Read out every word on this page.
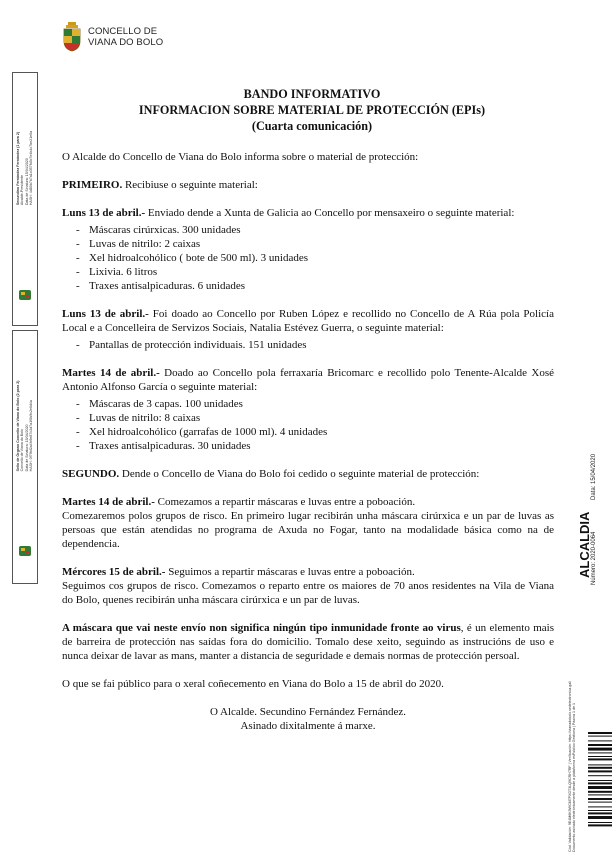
CONCELLO DE
VIANA DO BOLO
Secundino Fernández Fernández (1 para 2)
Alcalde-Presidente
Data de Sinatura: 15/04/2020
HASH: 4d80b7b7a1c057fb5c7e4b4c7be21e0a
Sello de Órgano Concello de Viana do Bolo (2 para 2)
Concello de Viana do Bolo
Data de Sinatura: 15/04/2020
HASH: 0f79bf2a4fc9e87c3d7a1f0b9c2e6d4a
BANDO INFORMATIVO
INFORMACION SOBRE MATERIAL DE PROTECCIÓN (EPIs)
(Cuarta comunicación)

O Alcalde do Concello de Viana do Bolo informa sobre o material de protección:

PRIMEIRO. Recibiuse o seguinte material:

Luns 13 de abril.- Enviado dende a Xunta de Galicia ao Concello por mensaxeiro o seguinte material:

- Máscaras cirúrxicas. 300 unidades
- Luvas de nitrilo: 2 caixas
- Xel hidroalcohólico ( bote de 500 ml). 3 unidades
- Lixivia. 6 litros
- Traxes antisalpicaduras. 6 unidades

Luns 13 de abril.- Foi doado ao Concello por Ruben López e recollido no Concello de A Rúa pola Policía Local e a Concelleira de Servizos Sociais, Natalia Estévez Guerra, o seguinte material:

- Pantallas de protección individuais. 151 unidades

Martes 14 de abril.- Doado ao Concello pola ferraxaría Bricomarc e recollido polo Tenente-Alcalde Xosé Antonio Alfonso García o seguinte material:

- Máscaras de 3 capas. 100 unidades
- Luvas de nitrilo: 8 caixas
- Xel hidroalcohólico (garrafas de 1000 ml). 4 unidades
- Traxes antisalpicaduras. 30 unidades

SEGUNDO. Dende o Concello de Viana do Bolo foi cedido o seguinte material de protección:

Martes 14 de abril.- Comezamos a repartir máscaras e luvas entre a poboación.
Comezaremos polos grupos de risco. En primeiro lugar recibirán unha máscara cirúrxica e un par de luvas as persoas que están atendidas no programa de Axuda no Fogar, tanto na modalidade básica como na de dependencia.

Mércores 15 de abril.- Seguimos a repartir máscaras e luvas entre a poboación.
Seguimos cos grupos de risco. Comezamos o reparto entre os maiores de 70 anos residentes na Vila de Viana do Bolo, quenes recibirán unha máscara cirúrxica e un par de luvas.

A máscara que vai neste envío non significa ningún tipo inmunidade fronte ao virus, é un elemento mais de barreira de protección nas saídas fora do domicilio. Tomalo dese xeito, seguindo as instrucións de uso e nunca deixar de lavar as mans, manter a distancia de seguridade e demais normas de protección persoal.

O que se fai público para o xeral coñecemento en Viana do Bolo a 15 de abril do 2020.

O Alcalde. Secundino Fernández Fernández.
Asinado dixitalmente á marxe.
ALCALDIA Número: 2020-0064
Data: 15/04/2020
Cód. Validación: 9E4M6K9WCM7PXDT3LQ9CRH7RF | Verificación: https://vianadobolo.sedelectronica.gal/ Documento asinado electrónicamente desde a plataforma esPublico Gestiona | Páxina 1 de 1
